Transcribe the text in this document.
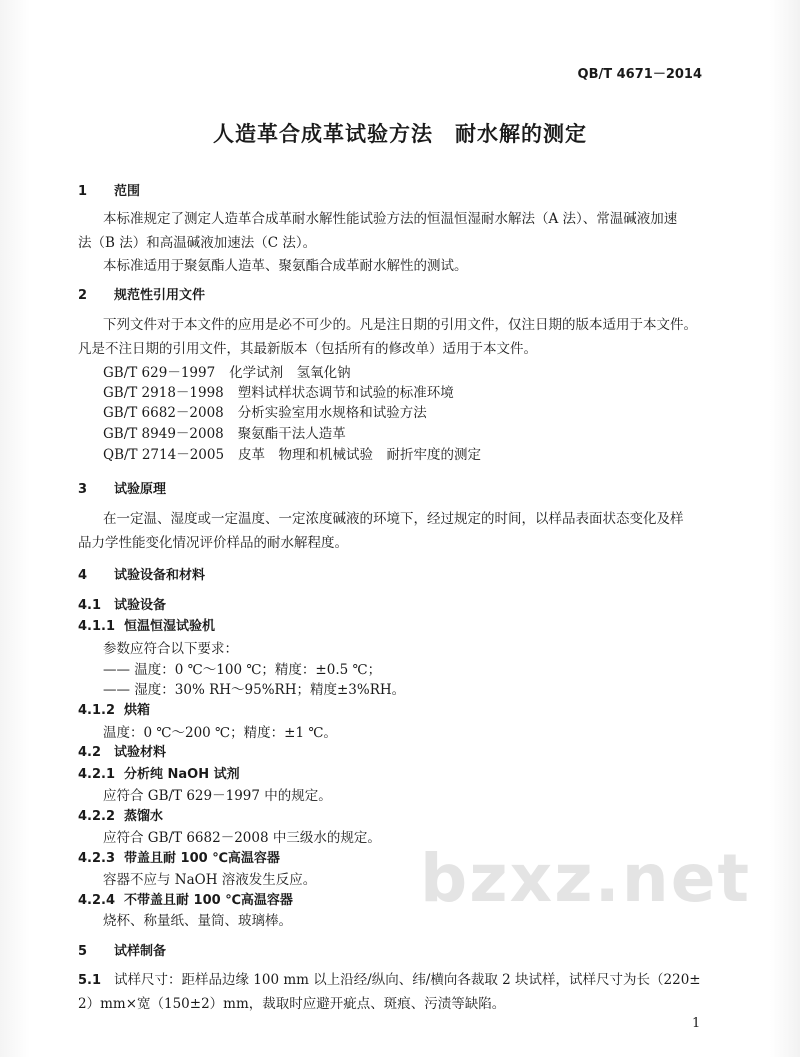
QB/T 4671－2014
人造革合成革试验方法　耐水解的测定
1 范围
本标准规定了测定人造革合成革耐水解性能试验方法的恒温恒湿耐水解法（A 法）、常温碱液加速
法（B 法）和高温碱液加速法（C 法）。
本标准适用于聚氨酯人造革、聚氨酯合成革耐水解性的测试。
2 规范性引用文件
下列文件对于本文件的应用是必不可少的。凡是注日期的引用文件，仅注日期的版本适用于本文件。
凡是不注日期的引用文件，其最新版本（包括所有的修改单）适用于本文件。
GB/T 629－1997 化学试剂　氢氧化钠
GB/T 2918－1998 塑料试样状态调节和试验的标准环境
GB/T 6682－2008 分析实验室用水规格和试验方法
GB/T 8949－2008 聚氨酯干法人造革
QB/T 2714－2005 皮革　物理和机械试验　耐折牢度的测定
3 试验原理
在一定温、湿度或一定温度、一定浓度碱液的环境下，经过规定的时间，以样品表面状态变化及样
品力学性能变化情况评价样品的耐水解程度。
4 试验设备和材料
4.1 试验设备
4.1.1 恒温恒湿试验机
参数应符合以下要求：
—— 温度：0 ℃～100 ℃；精度：±0.5 ℃；
—— 湿度：30% RH～95%RH；精度±3%RH。
4.1.2 烘箱
温度：0 ℃～200 ℃；精度：±1 ℃。
4.2 试验材料
4.2.1 分析纯 NaOH 试剂
应符合 GB/T 629－1997 中的规定。
4.2.2 蒸馏水
应符合 GB/T 6682－2008 中三级水的规定。
4.2.3 带盖且耐 100 ℃高温容器
容器不应与 NaOH 溶液发生反应。
4.2.4 不带盖且耐 100 ℃高温容器
烧杯、称量纸、量筒、玻璃棒。
bzxz.net
5 试样制备
5.1 试样尺寸：距样品边缘 100 mm 以上沿经/纵向、纬/横向各裁取 2 块试样，试样尺寸为长（220±
2）mm×宽（150±2）mm，裁取时应避开疵点、斑痕、污渍等缺陷。
1
